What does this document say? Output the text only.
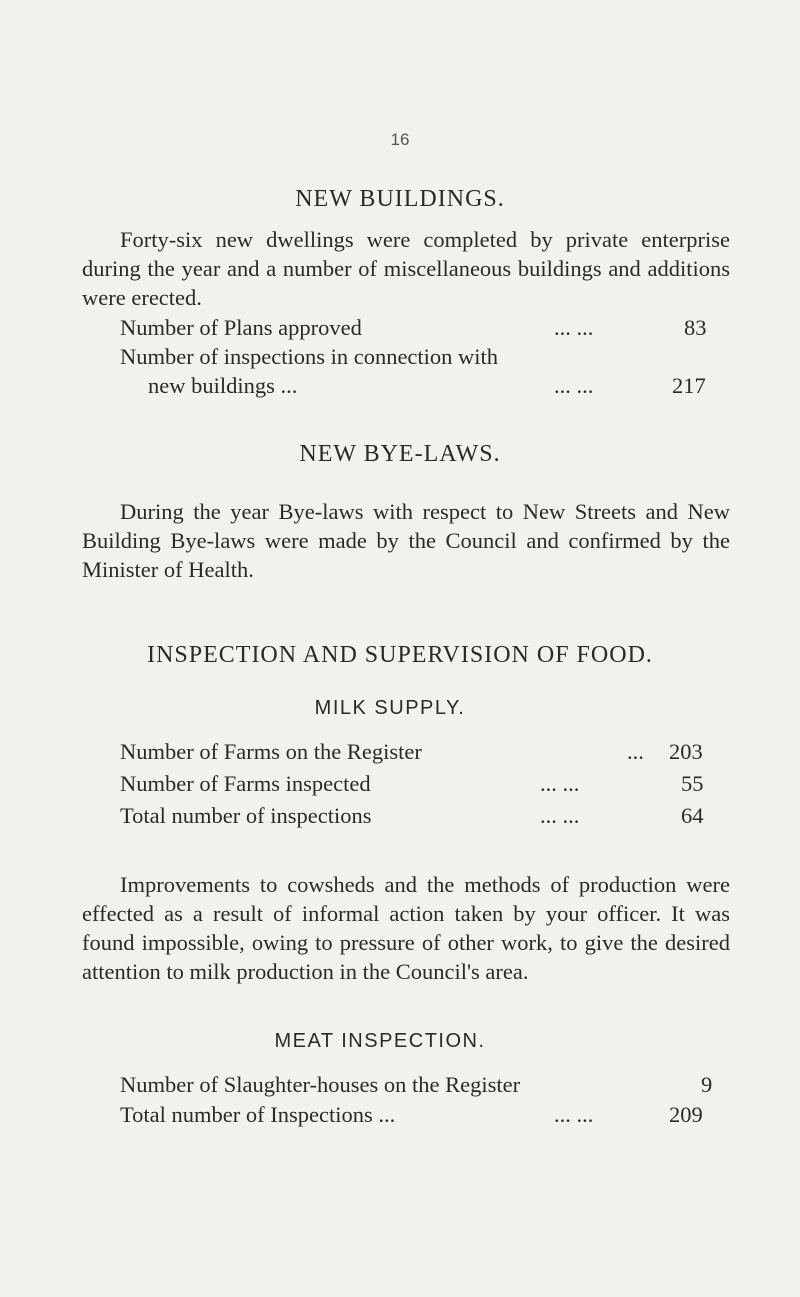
16
NEW BUILDINGS.
Forty-six new dwellings were completed by private enterprise during the year and a number of miscellaneous buildings and additions were erected.
Number of Plans approved	... ...	83
Number of inspections in connection with
new buildings ...	... ...	217
NEW BYE-LAWS.
During the year Bye-laws with respect to New Streets and New Building Bye-laws were made by the Council and confirmed by the Minister of Health.
INSPECTION AND SUPERVISION OF FOOD.
MILK SUPPLY.
Number of Farms on the Register	... 203
Number of Farms inspected	... ...	55
Total number of inspections	... ...	64
Improvements to cowsheds and the methods of production were effected as a result of informal action taken by your officer. It was found impossible, owing to pressure of other work, to give the desired attention to milk production in the Council's area.
MEAT INSPECTION.
Number of Slaughter-houses on the Register	9
Total number of Inspections ...	... ...	209
